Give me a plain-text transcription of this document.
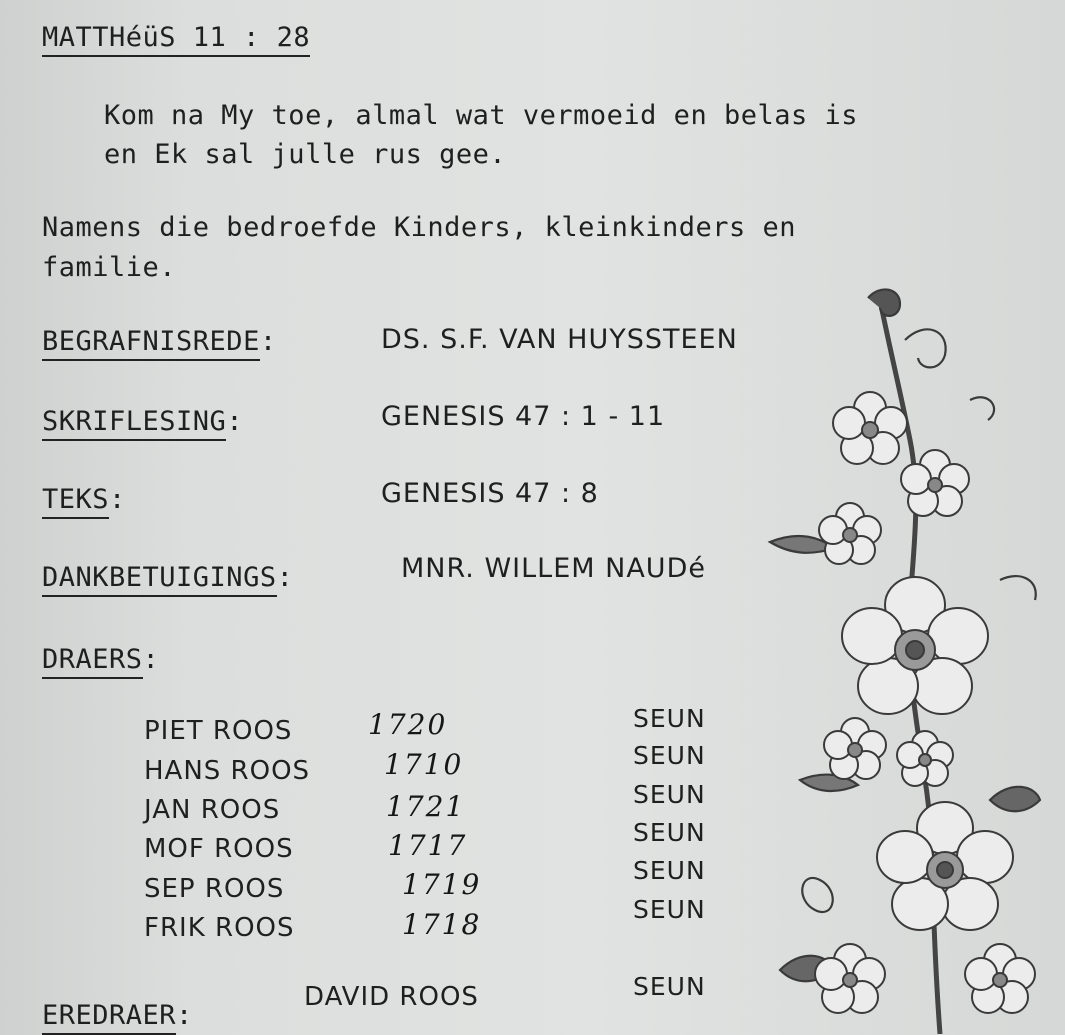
MATTHéüS 11 : 28
Kom na My toe, almal wat vermoeid en belas is
en Ek sal julle rus gee.
Namens die bedroefde Kinders, kleinkinders en
familie.
BEGRAFNISREDE:	DS. S.F. VAN HUYSSTEEN
SKRIFLESING:	GENESIS 47 : 1 - 11
TEKS:	GENESIS 47 : 8
DANKBETUIGINGS:	MNR. WILLEM NAUDé
DRAERS:
PIET ROOS	1720	SEUN
HANS ROOS	1710	SEUN
JAN ROOS	1721	SEUN
MOF ROOS	1717	SEUN
SEP ROOS	1719	SEUN
FRIK ROOS	1718	SEUN
EREDRAER:
DAVID ROOS	SEUN
